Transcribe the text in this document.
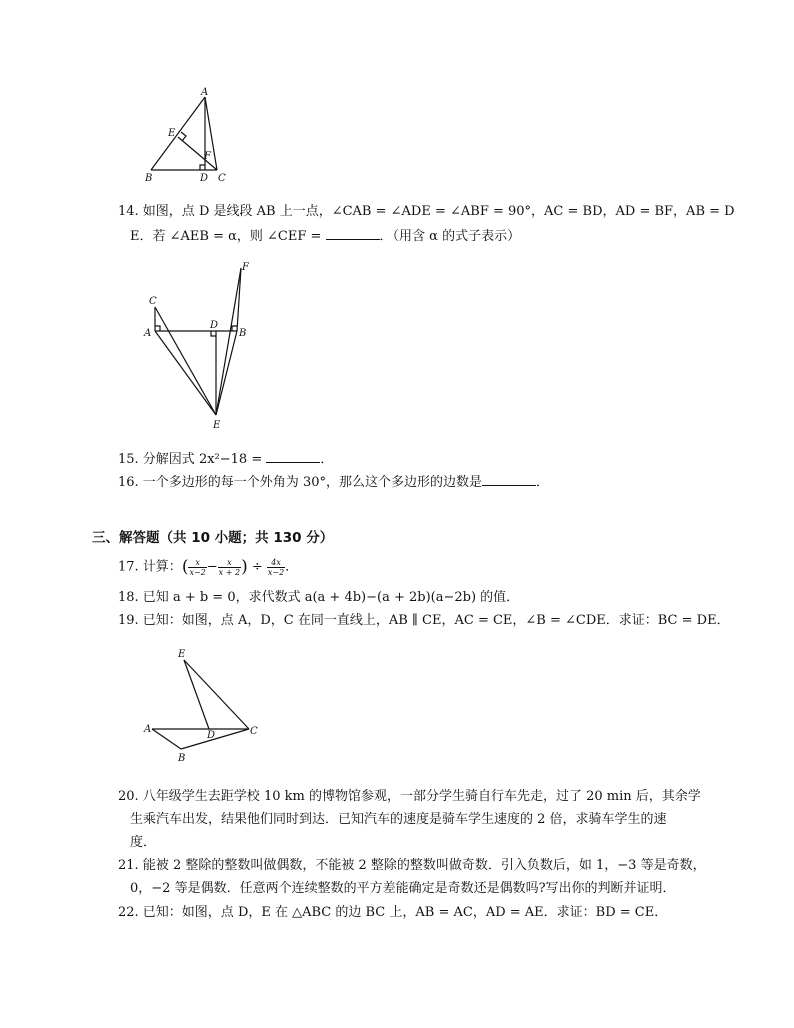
A
E
F
B	D C
14. 如图，点 D 是线段 AB 上一点，∠CAB = ∠ADE = ∠ABF = 90°，AC = BD，AD = BF，AB = D
E．若 ∠AEB = α，则 ∠CEF =	．（用含 α 的式子表示）
F
C
A
D
B
E
15. 分解因式 2x²−18 =	．
16. 一个多边形的每一个外角为 30°，那么这个多边形的边数是	．
三、解答题（共 10 小题；共 130 分）
17. 计算：( $\frac{x}{x-2} - \frac{x}{x + 2}$ ) ÷ $\frac{4x}{x-2}$ ．
18. 已知 a + b = 0，求代数式 a(a + 4b)−(a + 2b)(a−2b) 的值．
19. 已知：如图，点 A，D，C 在同一直线上，AB ∥ CE，AC = CE，∠B = ∠CDE．求证：BC = DE．
E
A
D	C
B
20. 八年级学生去距学校 10 km 的博物馆参观，一部分学生骑自行车先走，过了 20 min 后，其余学
生乘汽车出发，结果他们同时到达．已知汽车的速度是骑车学生速度的 2 倍，求骑车学生的速
度．
21. 能被 2 整除的整数叫做偶数，不能被 2 整除的整数叫做奇数．引入负数后，如 1，−3 等是奇数，
0，−2 等是偶数．任意两个连续整数的平方差能确定是奇数还是偶数吗?写出你的判断并证明．
22. 已知：如图，点 D，E 在 △ABC 的边 BC 上，AB = AC，AD = AE．求证：BD = CE．
